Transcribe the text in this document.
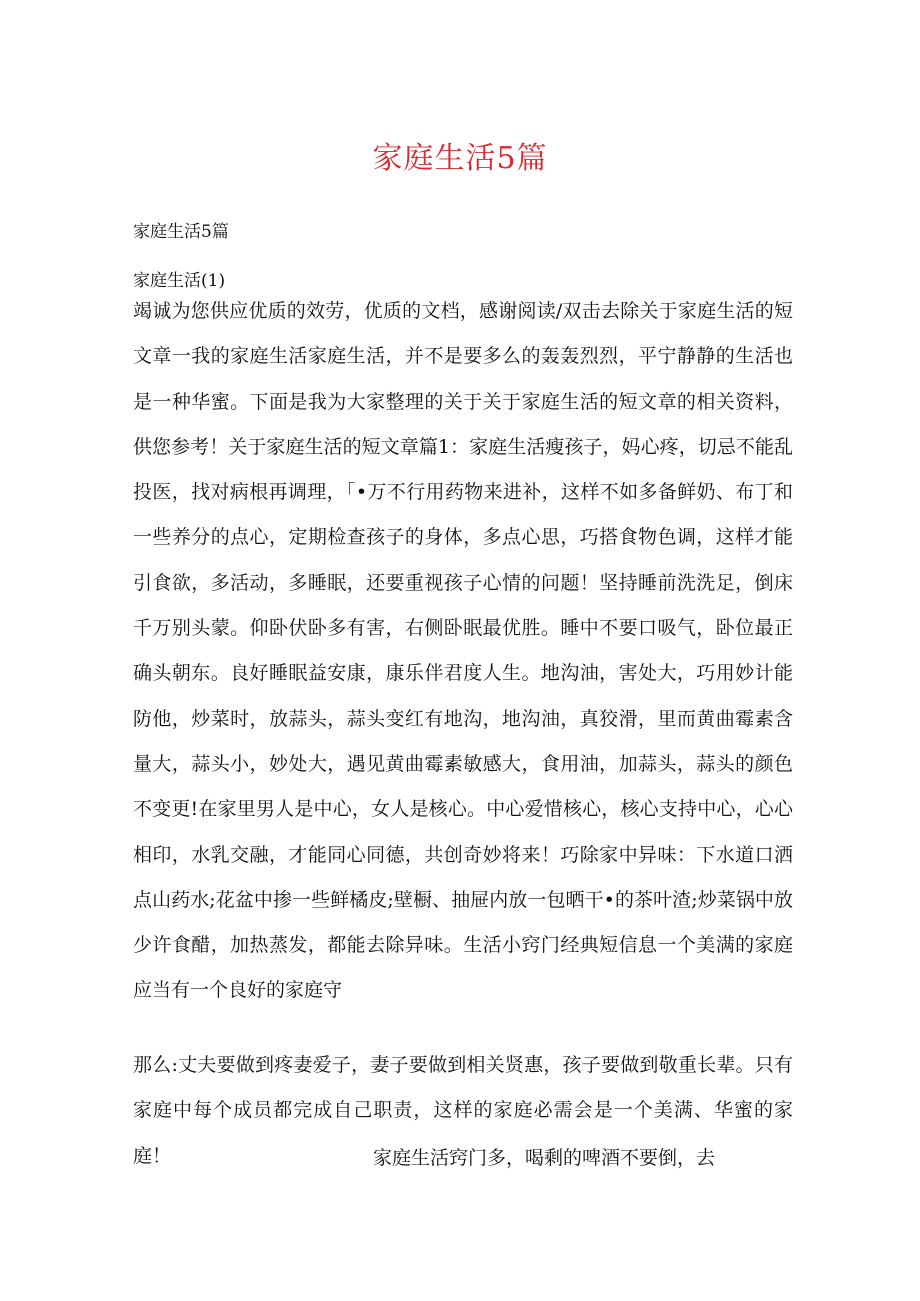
家庭生活5篇
家庭生活5篇
家庭生活(1)
竭诚为您供应优质的效劳，优质的文档，感谢阅读/双击去除关于家庭生活的短文章一我的家庭生活家庭生活，并不是要多么的轰轰烈烈，平宁静静的生活也是一种华蜜。下面是我为大家整理的关于关于家庭生活的短文章的相关资料，供您参考！关于家庭生活的短文章篇1：家庭生活瘦孩子，妈心疼，切忌不能乱投医，找对病根再调理，「•万不行用药物来进补，这样不如多备鲜奶、布丁和一些养分的点心，定期检查孩子的身体，多点心思，巧搭食物色调，这样才能引食欲，多活动，多睡眠，还要重视孩子心情的问题！坚持睡前洗洗足，倒床千万别头蒙。仰卧伏卧多有害，右侧卧眠最优胜。睡中不要口吸气，卧位最正确头朝东。良好睡眠益安康，康乐伴君度人生。地沟油，害处大，巧用妙计能防他，炒菜时，放蒜头，蒜头变红有地沟，地沟油，真狡滑，里而黄曲霉素含量大，蒜头小，妙处大，遇见黄曲霉素敏感大，食用油，加蒜头，蒜头的颜色不变更!在家里男人是中心，女人是核心。中心爱惜核心，核心支持中心，心心相印，水乳交融，才能同心同德，共创奇妙将来！巧除家中异味：下水道口洒点山药水;花盆中掺一些鲜橘皮;壁橱、抽屉内放一包晒干•的茶叶渣;炒菜锅中放少许食醋，加热蒸发，都能去除异味。生活小窍门经典短信息一个美满的家庭应当有一个良好的家庭守
那么:丈夫要做到疼妻爱子，妻子要做到相关贤惠，孩子要做到敬重长辈。只有家庭中每个成员都完成自己职责，这样的家庭必需会是一个美满、华蜜的家庭！	家庭生活窍门多，喝剩的啤酒不要倒，去
